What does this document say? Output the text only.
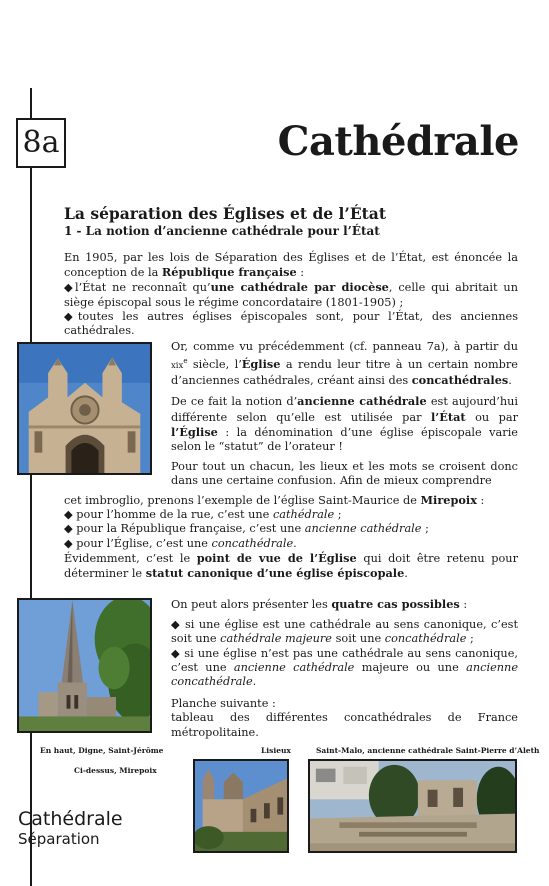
8a	Cathédrale
La séparation des Églises et de l’État
1 - La notion d’ancienne cathédrale pour l’État

En 1905, par les lois de Séparation des Églises et de l’État, est énoncée la conception de la République française :

◆l’État ne reconnaît qu’une cathédrale par diocèse, celle qui abritait un siège épiscopal sous le régime concordataire (1801-1905) ;

◆toutes les autres églises épiscopales sont, pour l’État, des anciennes cathédrales.

Or, comme vu précédemment (cf. panneau 7a), à partir du xix$^e$ siècle, l’Église a rendu leur titre à un certain nombre d’anciennes cathédrales, créant ainsi des concathédrales.

De ce fait la notion d’ancienne cathédrale est aujourd’hui différente selon qu’elle est utilisée par l’État ou par l’Église : la dénomination d’une église épiscopale varie selon le “statut” de l’orateur !

Pour tout un chacun, les lieux et les mots se croisent donc dans une certaine confusion. Afin de mieux comprendre

cet imbroglio, prenons l’exemple de l’église Saint-Maurice de Mirepoix :

◆ pour l’homme de la rue, c’est une cathédrale ;

◆ pour la République française, c’est une ancienne cathédrale ;

◆ pour l’Église, c’est une concathédrale.

Évidemment, c’est le point de vue de l’Église qui doit être retenu pour déterminer le statut canonique d’une église épiscopale.

On peut alors présenter les quatre cas possibles :

◆ si une église est une cathédrale au sens canonique, c’est soit une cathédrale majeure soit une concathédrale ;

◆ si une église n’est pas une cathédrale au sens canonique, c’est une ancienne cathédrale majeure ou une ancienne concathédrale.

Planche suivante :

tableau des différentes concathédrales de France métropolitaine.

En haut, Digne, Saint-Jérôme
Ci-dessus, Mirepoix
Lisieux	Saint-Malo, ancienne cathédrale Saint-Pierre d’Aleth
Cathédrale
Séparation
